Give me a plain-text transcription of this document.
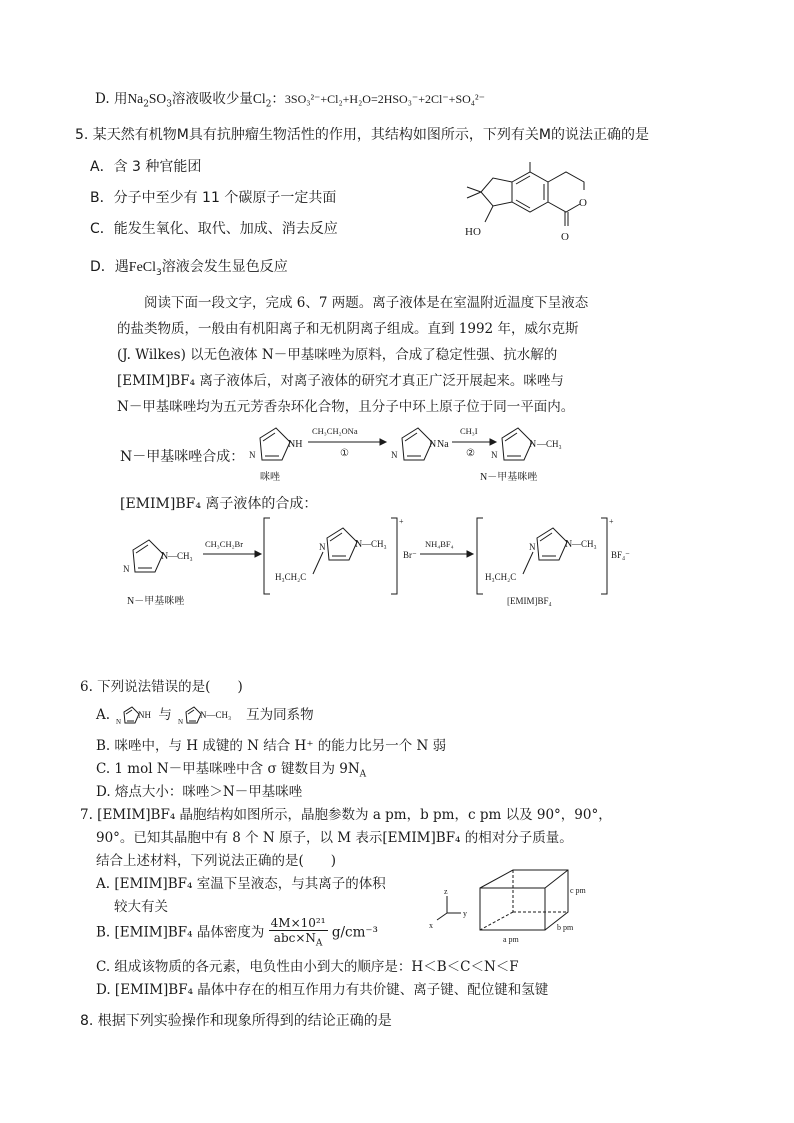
D. 用$Na_2SO_3$溶液吸收少量$Cl_2$：3SO₃²⁻+Cl₂+H₂O=2HSO₃⁻+2Cl⁻+SO₄²⁻
5. 某天然有机物M具有抗肿瘤生物活性的作用，其结构如图所示，下列有关M的说法正确的是
A．含 3 种官能团
B．分子中至少有 11 个碳原子一定共面
C．能发生氧化、取代、加成、消去反应
D．遇FeCl$_3$溶液会发生显色反应
HO
O
O
阅读下面一段文字，完成 6、7 两题。离子液体是在室温附近温度下呈液态
的盐类物质，一般由有机阳离子和无机阴离子组成。直到 1992 年，威尔克斯
(J. Wilkes) 以无色液体 N－甲基咪唑为原料，合成了稳定性强、抗水解的
[EMIM]BF₄ 离子液体后，对离子液体的研究才真正广泛开展起来。咪唑与
N－甲基咪唑均为五元芳香杂环化合物，且分子中环上原子位于同一平面内。
N－甲基咪唑合成： N
NH
咪唑
CH₃CH₂ONa
①	N
N Na
CH₃I
② N
N —CH₃
N－甲基咪唑
[EMIM]BF₄ 离子液体的合成：
N
N —CH₃
N－甲基咪唑
CH₃CH₂Br
+
N	N —CH₃
H₃CH₂C
Br⁻
NH₄BF₄
+
N	N —CH₃
H₃CH₂C
BF₄⁻
[EMIM]BF₄
6. 下列说法错误的是(　　)
A. N
NH 与 N
N—CH₃ 互为同系物
B. 咪唑中，与 H 成键的 N 结合 H⁺ 的能力比另一个 N 弱
C. 1 mol N－甲基咪唑中含 σ 键数目为 $9N_A$
D. 熔点大小：咪唑＞N－甲基咪唑
7. [EMIM]BF₄ 晶胞结构如图所示，晶胞参数为 a pm，b pm，c pm 以及 90°，90°，
90°。已知其晶胞中有 8 个 N 原子，以 M 表示[EMIM]BF₄ 的相对分子质量。
结合上述材料，下列说法正确的是(　　)
A. [EMIM]BF₄ 室温下呈液态，与其离子的体积
较大有关
B. [EMIM]BF₄ 晶体密度为 $\frac{\text{4M×10²¹}}{abc\times N_A} g/cm^{-3}$
C. 组成该物质的各元素，电负性由小到大的顺序是：H＜B＜C＜N＜F
D. [EMIM]BF₄ 晶体中存在的相互作用力有共价键、离子键、配位键和氢键
z
y
x
c pm
b pm
a pm
8. 根据下列实验操作和现象所得到的结论正确的是
